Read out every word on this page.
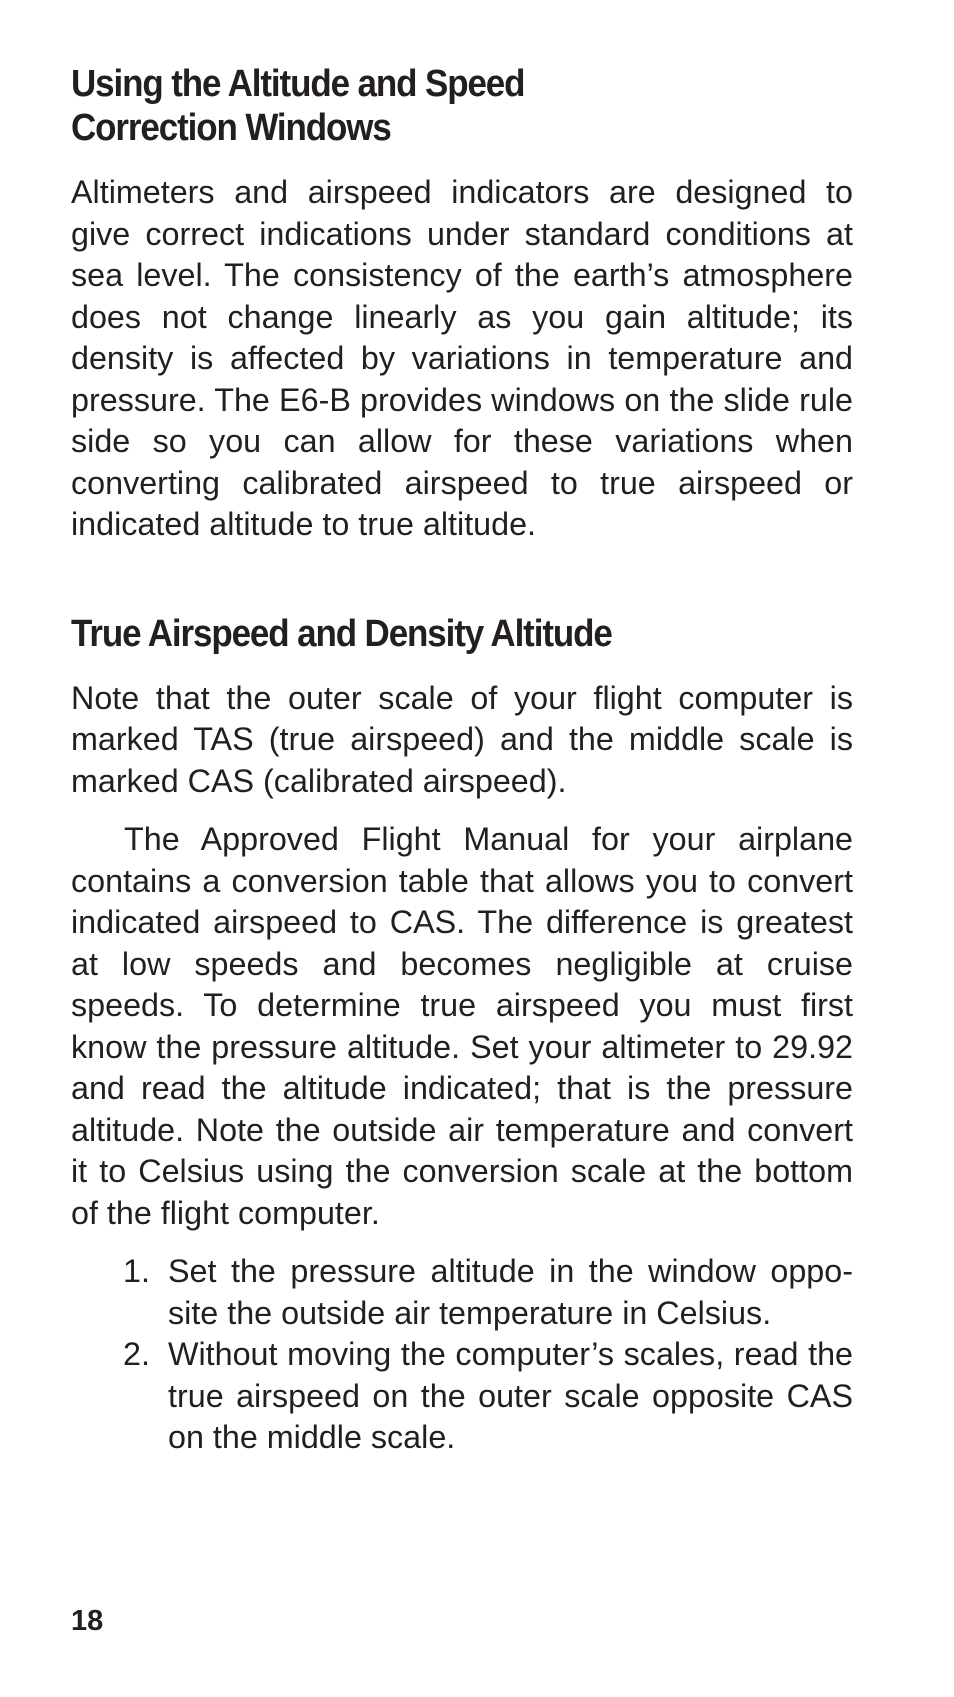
Using the Altitude and Speed
Correction Windows

Altimeters and airspeed indicators are designed to give correct indications under standard conditions at sea level. The consistency of the earth’s atmosphere does not change linearly as you gain altitude; its density is affected by variations in temperature and pressure. The E6-B provides windows on the slide rule side so you can allow for these variations when converting calibrated airspeed to true airspeed or indicated altitude to true altitude.

True Airspeed and Density Altitude

Note that the outer scale of your flight computer is marked TAS (true airspeed) and the middle scale is marked CAS (calibrated airspeed).

The Approved Flight Manual for your airplane contains a conversion table that allows you to convert indicated airspeed to CAS. The difference is greatest at low speeds and becomes negligible at cruise speeds. To determine true airspeed you must first know the pressure altitude. Set your altimeter to 29.92 and read the altitude indicated; that is the pressure altitude. Note the outside air temperature and convert it to Celsius using the conversion scale at the bottom of the flight computer.

1. Set the pressure altitude in the window opposite the outside air temperature in Celsius.
2. Without moving the computer’s scales, read the true airspeed on the outer scale opposite CAS on the middle scale.
18
